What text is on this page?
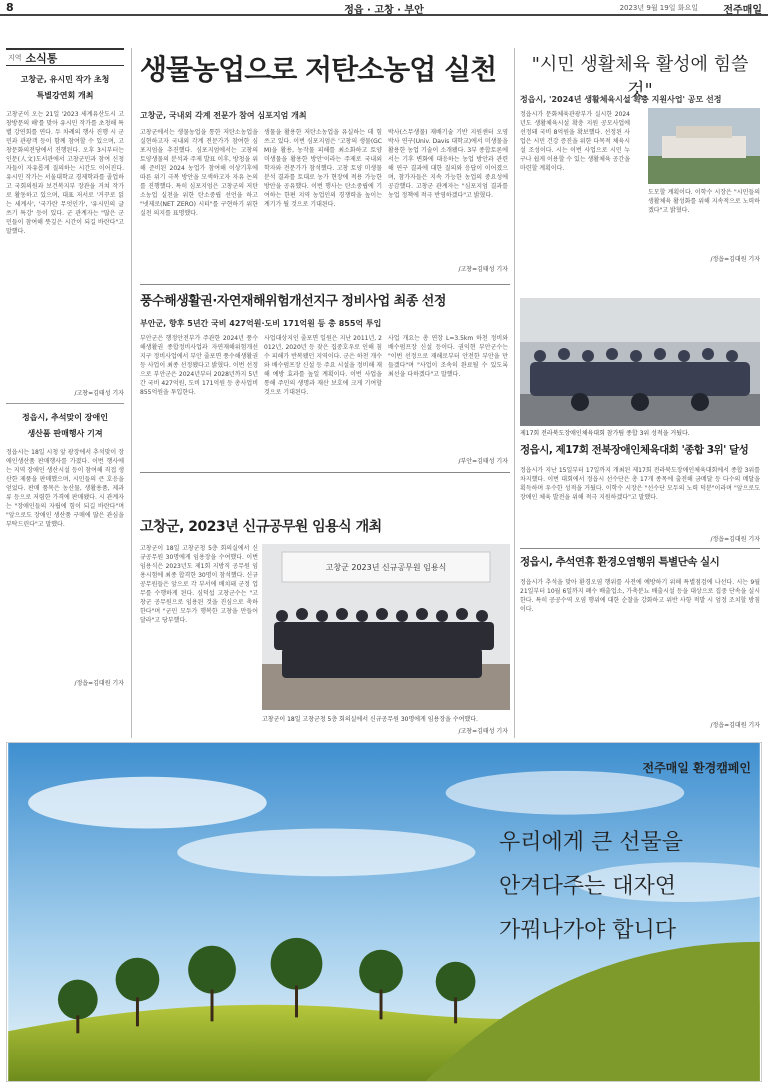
8	정읍 · 고창 · 부안	2023년 9월 19일 화요일	전주매일
지역 소식통
고창군, 유시민 작가 초청
특별강연회 개최
고창군이 오는 21일 '2023 세계유산도시 고창방문의 해'를 맞아 유시민 작가를 초청해 특별 강연회를 연다. 두 차례의 행사 진행 시 군민과 관광객 등이 함께 참여할 수 있으며, 고창문화의전당에서 진행된다. 오후 3시부터는 인문(人文)도서관에서 고창군민과 참여 신청자들이 자유롭게 질의하는 시간도 이어진다. 유시민 작가는 서울대학교 경제학과를 졸업하고 국회의원과 보건복지부 장관을 거쳐 작가로 활동하고 있으며, 대표 저서로 '거꾸로 읽는 세계사', '국가란 무엇인가', '유시민의 글쓰기 특강' 등이 있다. 군 관계자는 "많은 군민들이 참여해 뜻깊은 시간이 되길 바란다"고 말했다.
/고창=김태성 기자
정읍시, 추석맞이 장애인
생산품 판매행사 기져
정읍시는 18일 시청 앞 광장에서 추석맞이 장애인생산품 판매행사를 가졌다. 이번 행사에는 지역 장애인 생산시설 등이 참여해 직접 생산한 제품을 판매했으며, 시민들의 큰 호응을 얻었다. 판매 품목은 농산물, 생활용품, 제과류 등으로 저렴한 가격에 판매됐다. 시 관계자는 "장애인들의 자립에 힘이 되길 바란다"며 "앞으로도 장애인 생산품 구매에 많은 관심을 부탁드린다"고 말했다.
/정읍=김대원 기자
생물농업으로 저탄소농업 실천
고창군, 국내외 각계 전문가 참여 심포지엄 개최
고창군에서는 생물농업을 통한 저탄소농업을 실현하고자 국내외 각계 전문가가 참여한 심포지엄을 추진했다. 심포지엄에서는 고창의 토양생물의 분석과 주제 발표 이후, 방청을 위해 준비된 2024 농업가 참여해 이상기후에 따른 위기 극복 방안을 모색하고자 자유 논의를 진행했다. 특히 심포지엄은 고창군의 저탄소농업 실천을 위한 탄소중립 선언을 하고 "넷제로(NET ZERO) 시티"를 구현하기 위한 실천 의지를 표명했다.
생물을 활용한 저탄소농업을 유실하는 데 힘쓰고 있다. 이번 심포지엄은 '고창의 생물(GCM)을 활용, 농작물 피해를 최소화하고 토양 미생물을 활용한 방안'이라는 주제로 국내외 학자와 전문가가 참석했다. 고창 토양 미생물 분석 결과를 토대로 농가 현장에 적용 가능한 방안을 공유했다. 이번 행사는 탄소중립에 기여하는 한편 지역 농업인의 경쟁력을 높이는 계기가 될 것으로 기대된다.
박사(스무생물) 재배기술 기반 지원센터 오영 박사 연구(Univ. Davis 대학교)에서 미생물을 활용한 농업 기술이 소개됐다. 3부 종합토론에서는 기후 변화에 대응하는 농업 방안과 관련해 연구 결과에 대한 질의와 응답이 이어졌으며, 참가자들은 지속 가능한 농업의 중요성에 공감했다. 고창군 관계자는 "심포지엄 결과를 농업 정책에 적극 반영하겠다"고 밝혔다.
/고창=김태성 기자
풍수해생활권·자연재해위험개선지구 정비사업 최종 선정
부안군, 향후 5년간 국비 427억원·도비 171억원 등 총 855억 투입
부안군은 행정안전부가 주관한 2024년 풍수해생활권 종합정비사업과 자연재해위험개선지구 정비사업에서 부안 줄포면 풍수해생활권 등 사업이 최종 선정됐다고 밝혔다. 이번 선정으로 부안군은 2024년부터 2028년까지 5년간 국비 427억원, 도비 171억원 등 총사업비 855억원을 투입한다.
사업대상지인 줄포면 일원은 지난 2011년, 2012년, 2020년 등 잦은 집중호우로 인해 침수 피해가 반복됐던 지역이다. 군은 하천 개수와 배수펌프장 신설 등 주요 시설을 정비해 재해 예방 효과를 높일 계획이다. 이번 사업을 통해 주민의 생명과 재산 보호에 크게 기여할 것으로 기대된다.
사업 개요는 총 연장 L=3.5km 하천 정비와 배수펌프장 신설 등이다. 권익현 부안군수는 "이번 선정으로 재해로부터 안전한 부안을 만들겠다"며 "사업이 조속히 완료될 수 있도록 최선을 다하겠다"고 말했다.
/부안=김태성 기자
고창군, 2023년 신규공무원 임용식 개최
고창군이 18일 고창군청 5층 회의실에서 신규공무원 30명에게 임용장을 수여했다. 이번 임용식은 2023년도 제1회 지방직 공무원 임용시험에 최종 합격한 30명이 참석했다. 신규 공무원들은 앞으로 각 부서에 배치돼 군정 업무를 수행하게 된다. 심덕섭 고창군수는 "고창군 공무원으로 임용된 것을 진심으로 축하한다"며 "군민 모두가 행복한 고창을 만들어 달라"고 당부했다.
고창군 2023년 신규공무원 임용식
고창군이 18일 고창군청 5층 회의실에서 신규공무원 30명에게 임용장을 수여했다.
/고창=김태성 기자
"시민 생활체육 활성에 힘쓸 것"
정읍시, '2024년 생활체육시설 확충 지원사업' 공모 선정
정읍시가 문화체육관광부가 실시한 2024년도 생활체육시설 확충 지원 공모사업에 선정돼 국비 8억원을 확보했다. 선정된 사업은 시민 건강 증진을 위한 다목적 체육시설 조성이다. 시는 이번 사업으로 시민 누구나 쉽게 이용할 수 있는 생활체육 공간을 마련할 계획이다.
도모할 계획이다. 이학수 시장은 "시민들의 생활체육 활성화를 위해 지속적으로 노력하겠다"고 밝혔다.
/정읍=김대원 기자
제17회 전라북도장애인체육대회 참가팀 종합 3위 성적을 거뒀다.
정읍시, 제17회 전북장애인체육대회 '종합 3위' 달성
정읍시가 지난 15일부터 17일까지 개최된 제17회 전라북도장애인체육대회에서 종합 3위를 차지했다. 이번 대회에서 정읍시 선수단은 총 17개 종목에 출전해 금메달 등 다수의 메달을 획득하며 우수한 성적을 거뒀다. 이학수 시장은 "선수단 모두의 노력 덕분"이라며 "앞으로도 장애인 체육 발전을 위해 적극 지원하겠다"고 말했다.
/정읍=김대원 기자
정읍시, 추석연휴 환경오염행위 특별단속 실시
정읍시가 추석을 맞아 환경오염 행위를 사전에 예방하기 위해 특별점검에 나선다. 시는 9월 21일부터 10월 6일까지 폐수 배출업소, 가축분뇨 배출시설 등을 대상으로 집중 단속을 실시한다. 특히 공공수역 오염 행위에 대한 순찰을 강화하고 위반 사항 적발 시 엄정 조치할 방침이다.
/정읍=김대원 기자
전주매일 환경캠페인
우리에게 큰 선물을
안겨다주는 대자연
가꿔나가야 합니다
